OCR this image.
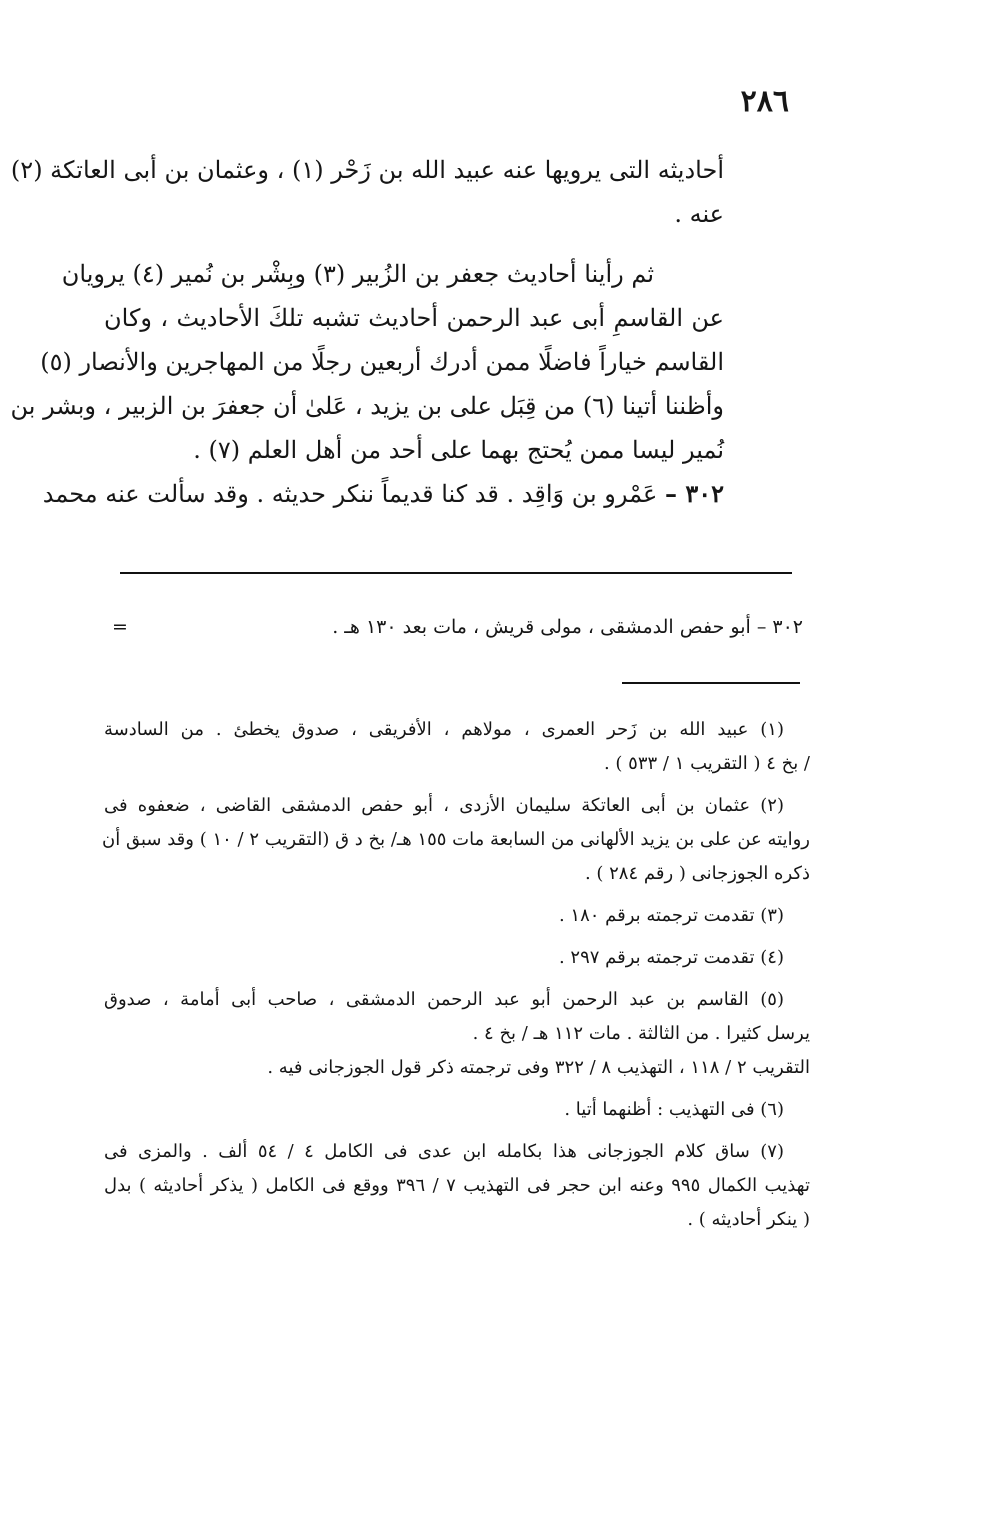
٢٨٦
أحاديثه التى يرويها عنه عبيد الله بن زَحْر (١) ، وعثمان بن أبى العاتكة (٢)
عنه .
ثم رأينا أحاديث جعفر بن الزُبير (٣) وبِشْر بن نُمير (٤) يرويان
عن القاسمِ أبى عبد الرحمن أحاديث تشبه تلكَ الأحاديث ، وكان
القاسم خياراً فاضلًا ممن أدرك أربعين رجلًا من المهاجرين والأنصار (٥)
وأظننا أتينا (٦) من قِبَل على بن يزيد ، عَلىٰ أن جعفرَ بن الزبير ، وبشر بن
نُمير ليسا ممن يُحتج بهما على أحد من أهل العلم (٧) .
٣٠٢ – عَمْرو بن وَاقِد . قد كنا قديماً ننكر حديثه . وقد سألت عنه محمد
٣٠٢ – أبو حفص الدمشقى ، مولى قريش ، مات بعد ١٣٠ هـ .
=
(١) عبيد الله بن زَحر العمرى ، مولاهم ، الأفريقى ، صدوق يخطئ . من السادسة
/ بخ ٤ ( التقريب ١ / ٥٣٣ ) .
(٢) عثمان بن أبى العاتكة سليمان الأزدى ، أبو حفص الدمشقى القاضى ، ضعفوه فى
روايته عن على بن يزيد الألهانى من السابعة مات ١٥٥ هـ/ بخ د ق (التقريب ٢ / ١٠ ) وقد سبق أن
ذكره الجوزجانى ( رقم ٢٨٤ ) .
(٣) تقدمت ترجمته برقم ١٨٠ .
(٤) تقدمت ترجمته برقم ٢٩٧ .
(٥) القاسم بن عبد الرحمن أبو عبد الرحمن الدمشقى ، صاحب أبى أمامة ، صدوق
يرسل كثيرا . من الثالثة . مات ١١٢ هـ / بخ ٤ .
التقريب ٢ / ١١٨ ، التهذيب ٨ / ٣٢٢ وفى ترجمته ذكر قول الجوزجانى فيه .
(٦) فى التهذيب : أظنهما أتيا .
(٧) ساق كلام الجوزجانى هذا بكامله ابن عدى فى الكامل ٤ / ٥٤ ألف . والمزى فى
تهذيب الكمال ٩٩٥ وعنه ابن حجر فى التهذيب ٧ / ٣٩٦ ووقع فى الكامل ( يذكر أحاديثه ) بدل
( ينكر أحاديثه ) .
